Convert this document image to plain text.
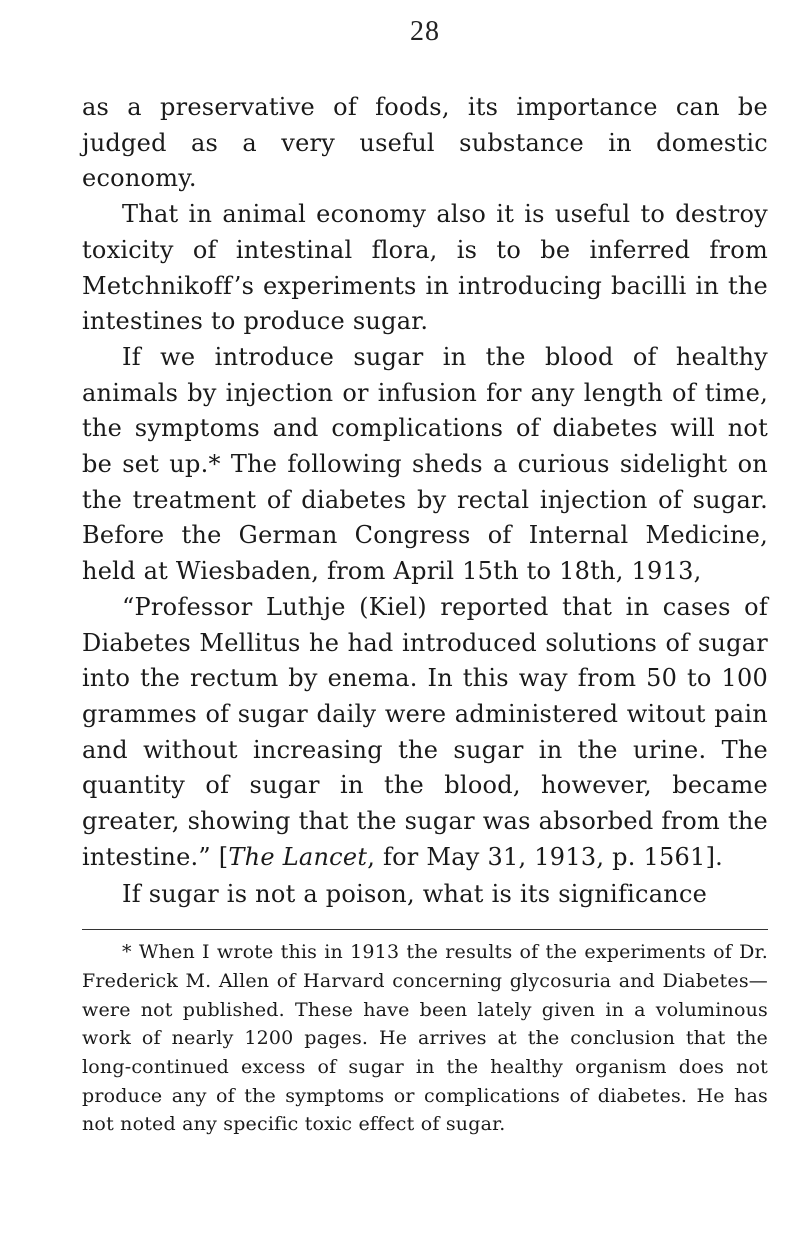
28

as a preservative of foods, its importance can be judged as a very useful substance in domestic economy.

That in animal economy also it is useful to destroy toxicity of intestinal flora, is to be inferred from Metchnikoff’s experiments in introducing bacilli in the intestines to produce sugar.

If we introduce sugar in the blood of healthy animals by injection or infusion for any length of time, the symptoms and complications of diabetes will not be set up.* The following sheds a curious sidelight on the treatment of diabetes by rectal injection of sugar. Before the German Congress of Internal Medicine, held at Wiesbaden, from April 15th to 18th, 1913,

“Professor Luthje (Kiel) reported that in cases of Diabetes Mellitus he had introduced solutions of sugar into the rectum by enema. In this way from 50 to 100 grammes of sugar daily were administered witout pain and without increasing the sugar in the urine. The quantity of sugar in the blood, however, became greater, showing that the sugar was absorbed from the intestine.” [The Lancet, for May 31, 1913, p. 1561].

If sugar is not a poison, what is its significance

* When I wrote this in 1913 the results of the experiments of Dr. Frederick M. Allen of Harvard concerning glycosuria and Diabetes—were not published. These have been lately given in a voluminous work of nearly 1200 pages. He arrives at the conclusion that the long-continued excess of sugar in the healthy organism does not produce any of the symptoms or complications of diabetes. He has not noted any specific toxic effect of sugar.
